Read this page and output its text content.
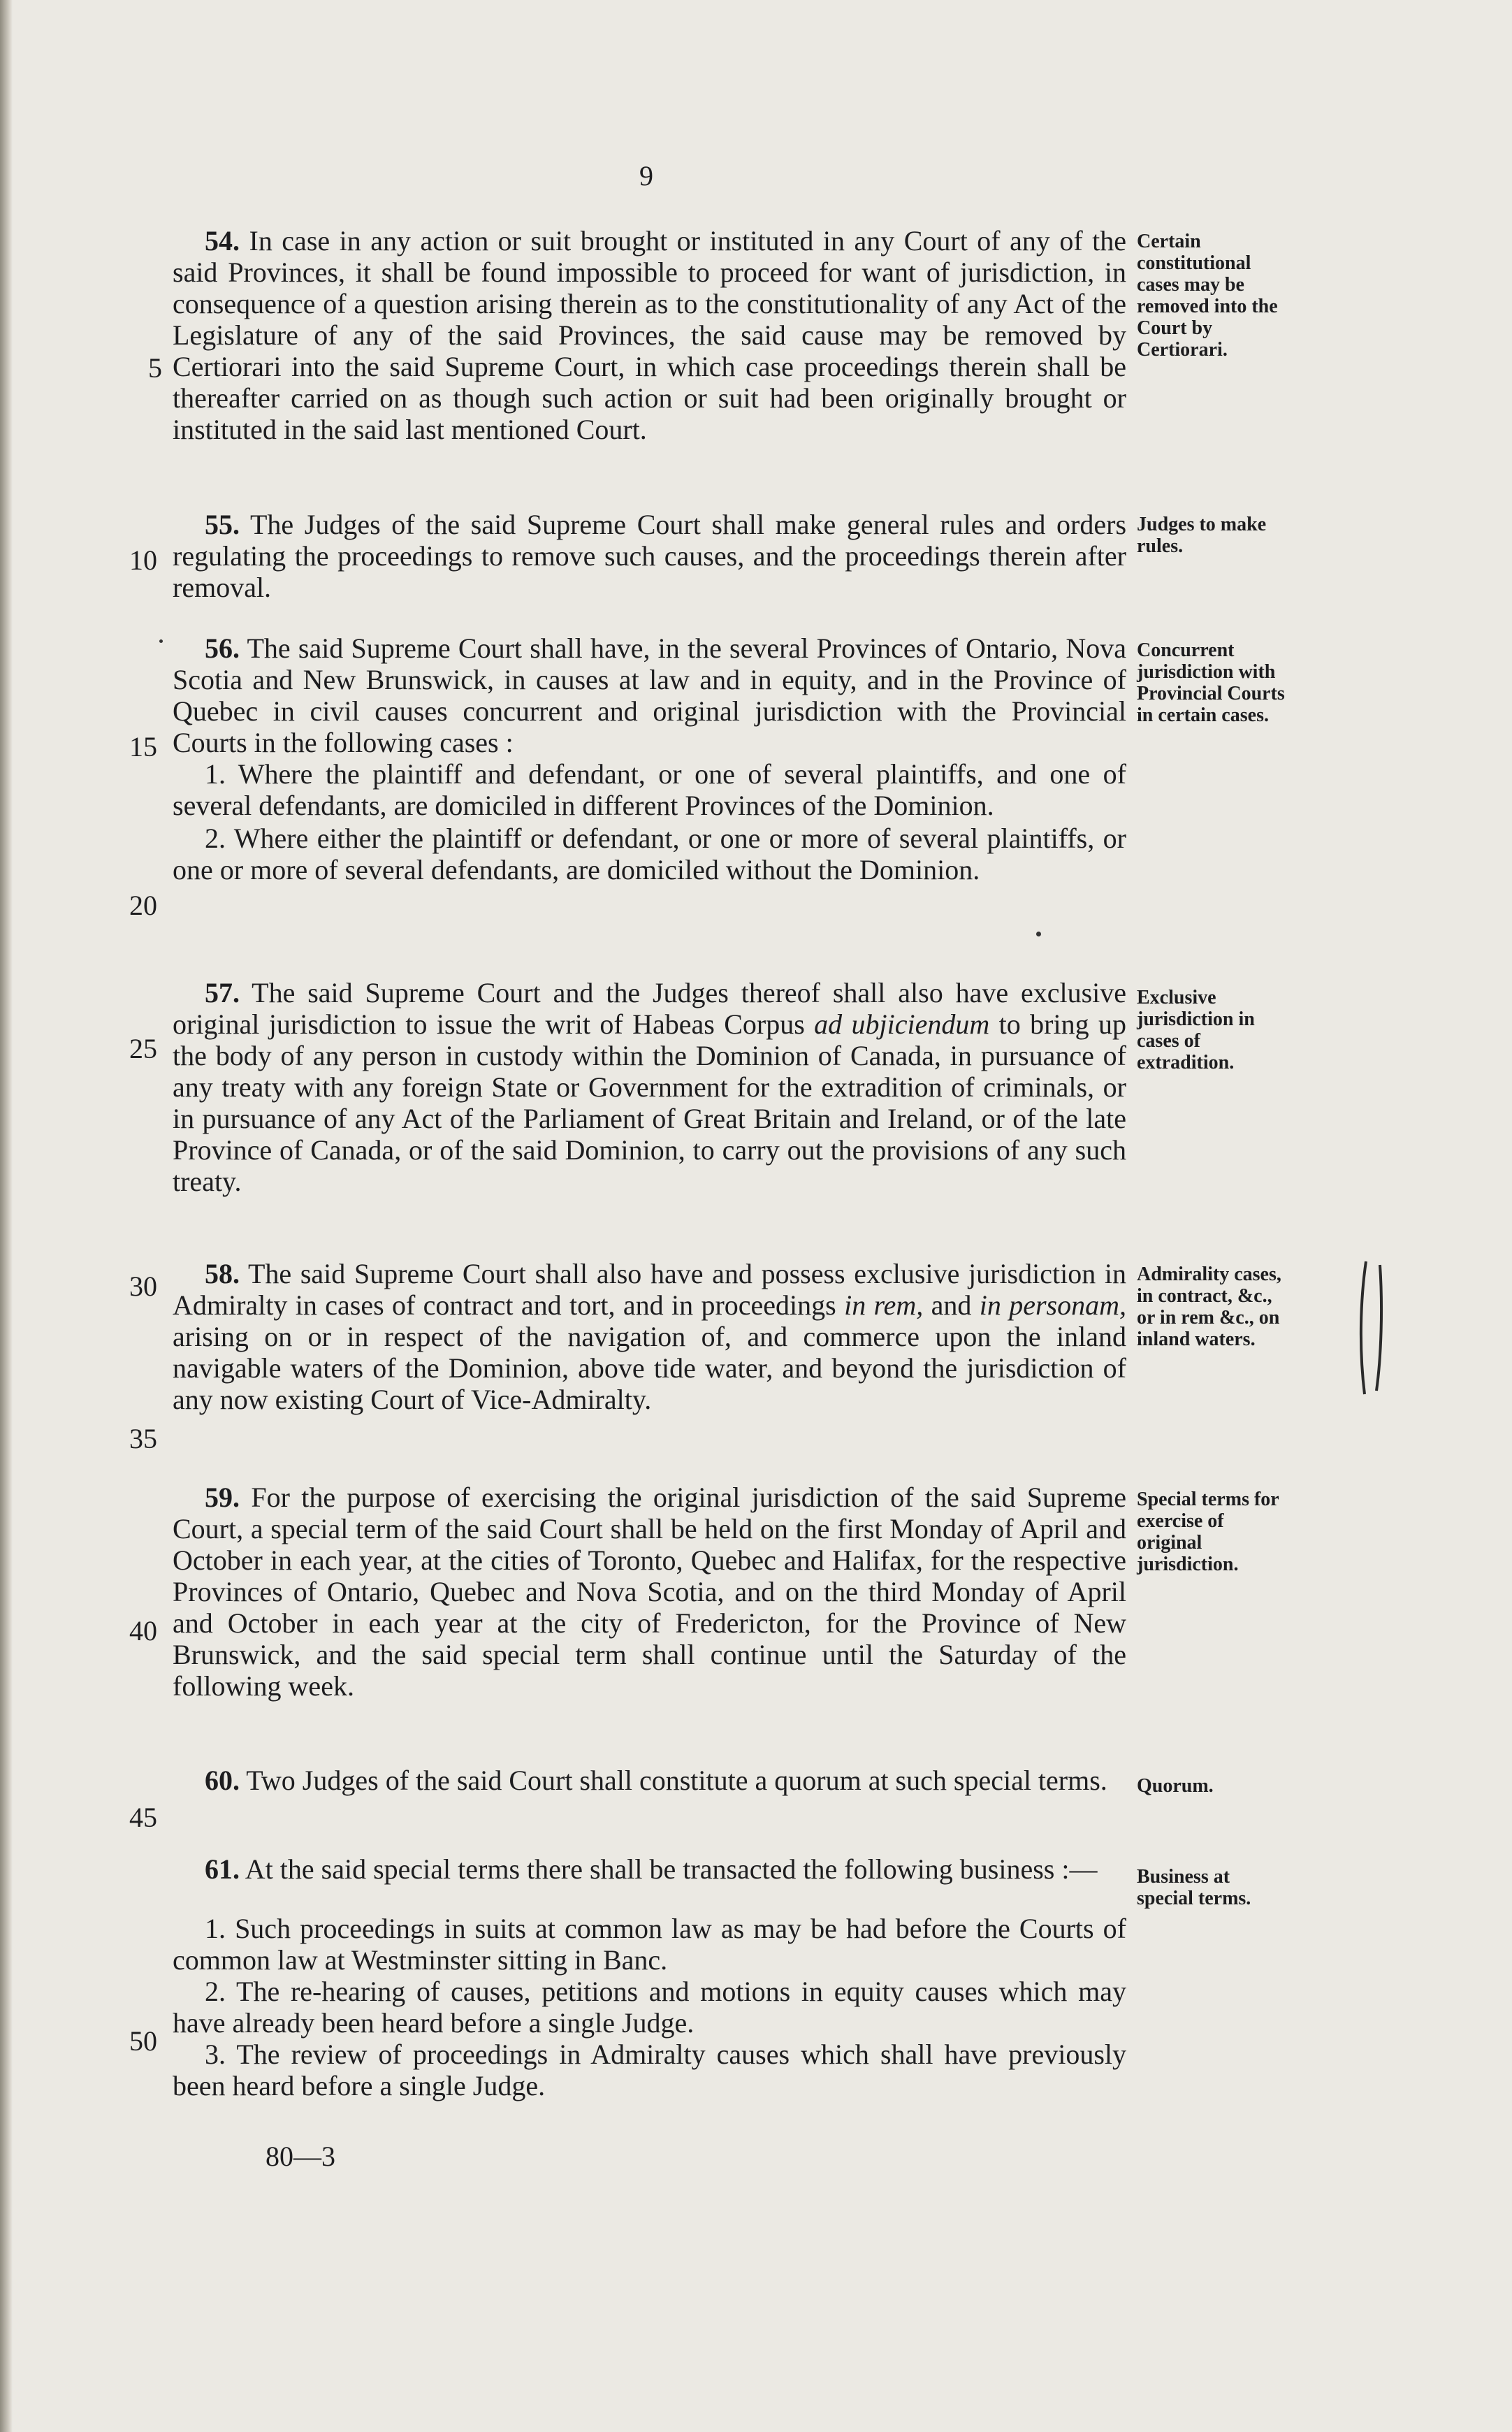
9
5
10
15
20
25
30
35
40
45
50

54. In case in any action or suit brought or instituted in any Court of any of the said Provinces, it shall be found impossible to proceed for want of jurisdiction, in consequence of a question arising therein as to the constitutionality of any Act of the Legislature of any of the said Provinces, the said cause may be removed by Certiorari into the said Supreme Court, in which case proceedings therein shall be thereafter carried on as though such action or suit had been originally brought or instituted in the said last mentioned Court.

55. The Judges of the said Supreme Court shall make general rules and orders regulating the proceedings to remove such causes, and the proceedings therein after removal.

56. The said Supreme Court shall have, in the several Provinces of Ontario, Nova Scotia and New Brunswick, in causes at law and in equity, and in the Province of Quebec in civil causes concurrent and original jurisdiction with the Provincial Courts in the following cases :

1. Where the plaintiff and defendant, or one of several plaintiffs, and one of several defendants, are domiciled in different Provinces of the Dominion.

2. Where either the plaintiff or defendant, or one or more of several plaintiffs, or one or more of several defendants, are domiciled without the Dominion.

57. The said Supreme Court and the Judges thereof shall also have exclusive original jurisdiction to issue the writ of Habeas Corpus ad ubjiciendum to bring up the body of any person in custody within the Dominion of Canada, in pursuance of any treaty with any foreign State or Government for the extradition of criminals, or in pursuance of any Act of the Parliament of Great Britain and Ireland, or of the late Province of Canada, or of the said Dominion, to carry out the provisions of any such treaty.

58. The said Supreme Court shall also have and possess exclusive jurisdiction in Admiralty in cases of contract and tort, and in proceedings in rem, and in personam, arising on or in respect of the navigation of, and commerce upon the inland navigable waters of the Dominion, above tide water, and beyond the jurisdiction of any now existing Court of Vice-Admiralty.

59. For the purpose of exercising the original jurisdiction of the said Supreme Court, a special term of the said Court shall be held on the first Monday of April and October in each year, at the cities of Toronto, Quebec and Halifax, for the respective Provinces of Ontario, Quebec and Nova Scotia, and on the third Monday of April and October in each year at the city of Fredericton, for the Province of New Brunswick, and the said special term shall continue until the Saturday of the following week.

60. Two Judges of the said Court shall constitute a quorum at such special terms.

61. At the said special terms there shall be transacted the following business :—

1. Such proceedings in suits at common law as may be had before the Courts of common law at Westminster sitting in Banc.

2. The re-hearing of causes, petitions and motions in equity causes which may have already been heard before a single Judge.

3. The review of proceedings in Admiralty causes which shall have previously been heard before a single Judge.

Certain constitutional cases may be removed into the Court by Certiorari.
Judges to make rules.
Concurrent jurisdiction with Provincial Courts in certain cases.
Exclusive jurisdiction in cases of extradition.
Admirality cases, in contract, &c., or in rem &c., on inland waters.
Special terms for exercise of original jurisdiction.
Quorum.
Business at special terms.
80—3
